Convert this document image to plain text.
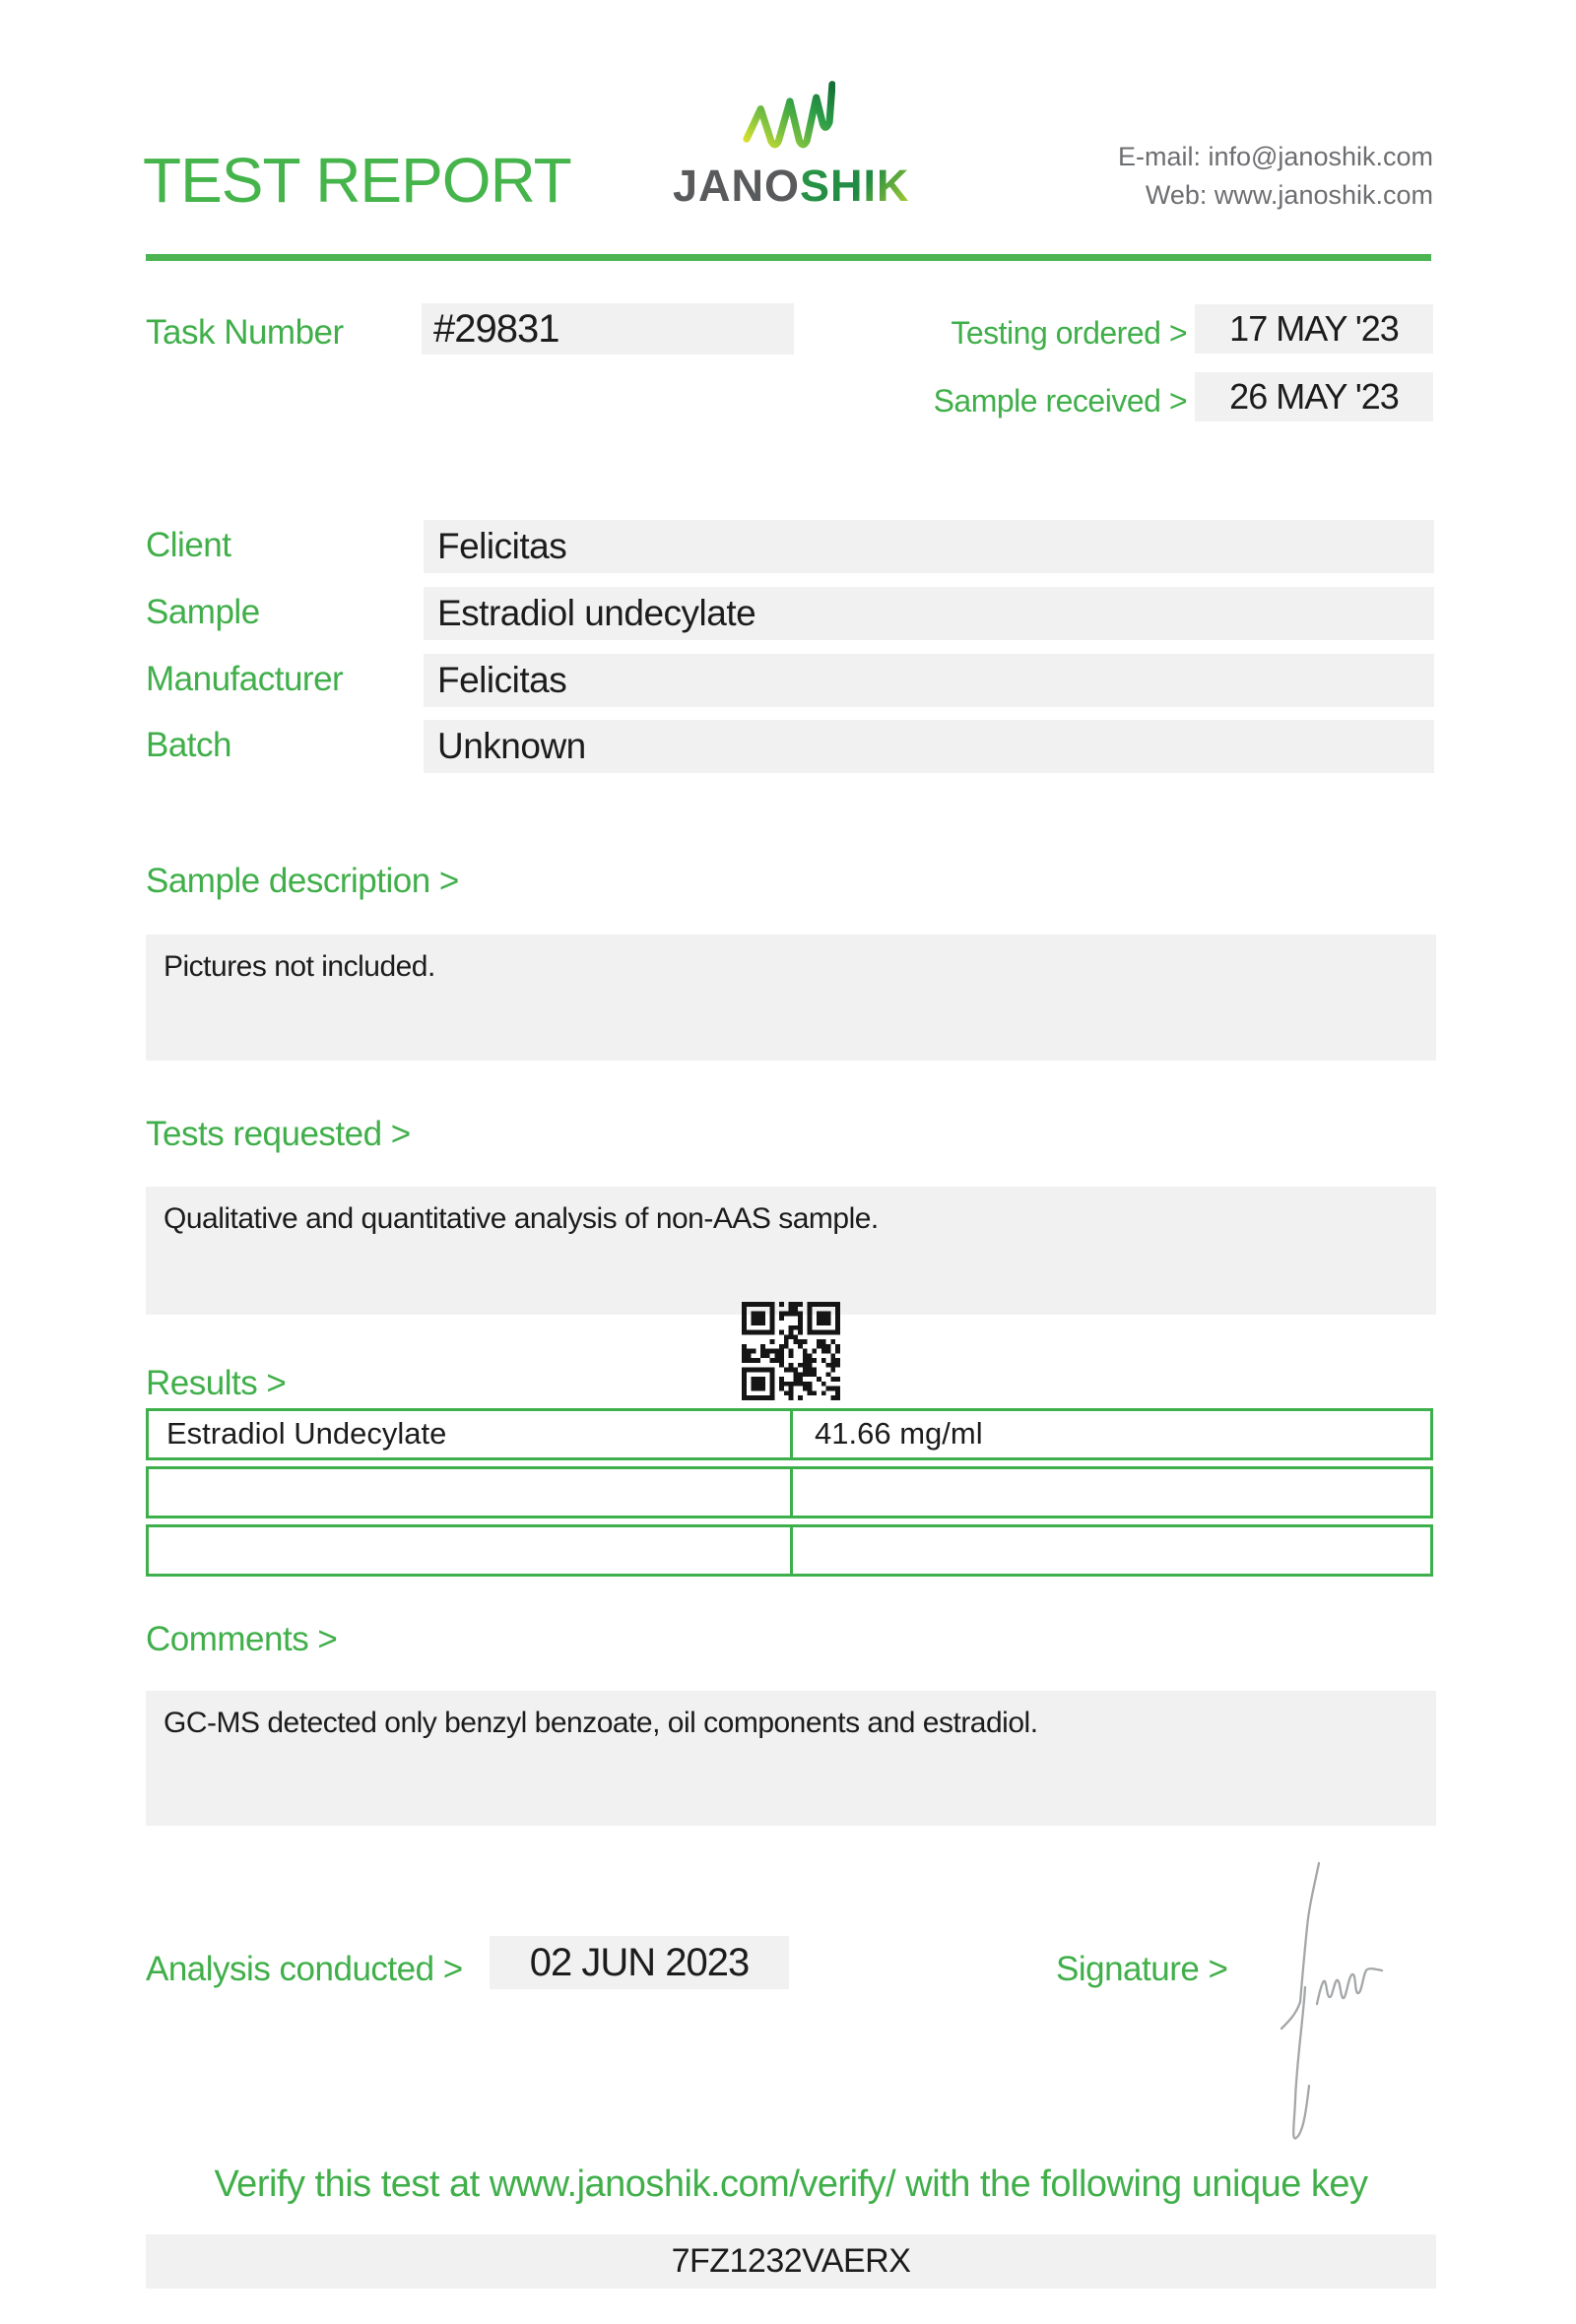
TEST REPORT JANOSHIK
E-mail: info@janoshik.com
Web: www.janoshik.com
Task Number	#29831	Testing ordered >	17 MAY '23
Sample received >	26 MAY '23
Client	Felicitas
Sample	Estradiol undecylate
Manufacturer	Felicitas
Batch	Unknown
Sample description >

Pictures not included.

Tests requested >

Qualitative and quantitative analysis of non-AAS sample.

Results >
Estradiol Undecylate	41.66 mg/ml
Comments >

GC-MS detected only benzyl benzoate, oil components and estradiol.

Analysis conducted >	02 JUN 2023	Signature >
Verify this test at www.janoshik.com/verify/ with the following unique key
7FZ1232VAERX
